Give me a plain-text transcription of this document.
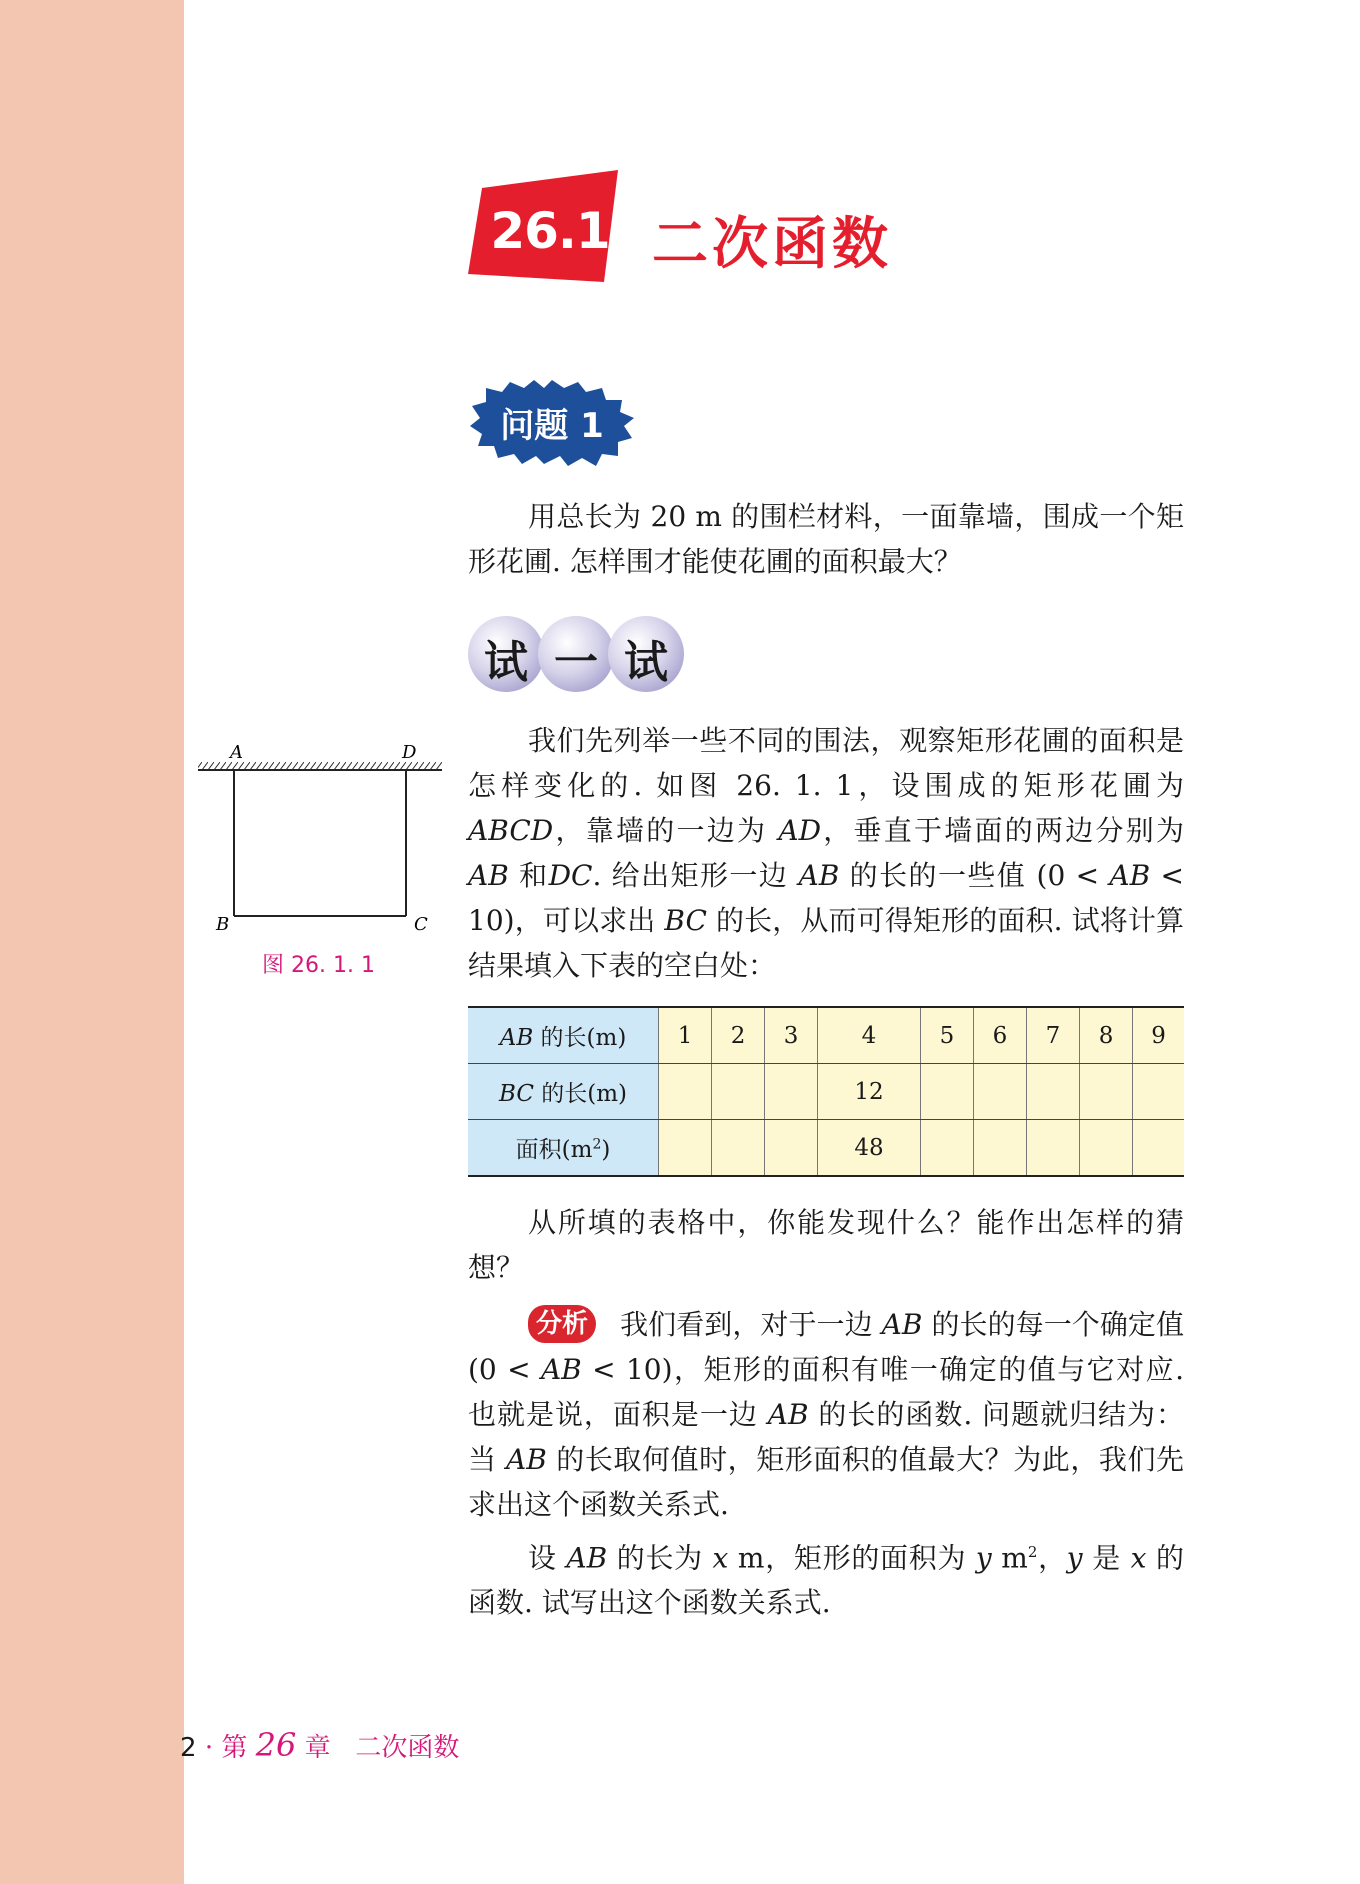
26.1 二次函数
问题 1
用总长为 20 m 的围栏材料，一面靠墙，围成一个矩形花圃. 怎样围才能使花圃的面积最大？
试 一 试
A	D
B	C
图 26. 1. 1
我们先列举一些不同的围法，观察矩形花圃的面积是怎样变化的. 如图 26. 1. 1，设围成的矩形花圃为ABCD，靠墙的一边为 AD，垂直于墙面的两边分别为 AB 和DC. 给出矩形一边 AB 的长的一些值 (0 < AB < 10)，可以求出 BC 的长，从而可得矩形的面积. 试将计算结果填入下表的空白处：
AB 的长(m)	1	2	3	4	5	6	7	8	9
BC 的长(m)				12					
面积$(m^2)$				48					
从所填的表格中，你能发现什么？能作出怎样的猜想？
分析 我们看到，对于一边 AB 的长的每一个确定值 (0 < AB < 10)，矩形的面积有唯一确定的值与它对应. 也就是说，面积是一边 AB 的长的函数. 问题就归结为：当 AB 的长取何值时，矩形面积的值最大？为此，我们先求出这个函数关系式.
设 AB 的长为 x m，矩形的面积为 y $m^2$，y 是 x 的函数. 试写出这个函数关系式.
2 · 第 26 章 二次函数
